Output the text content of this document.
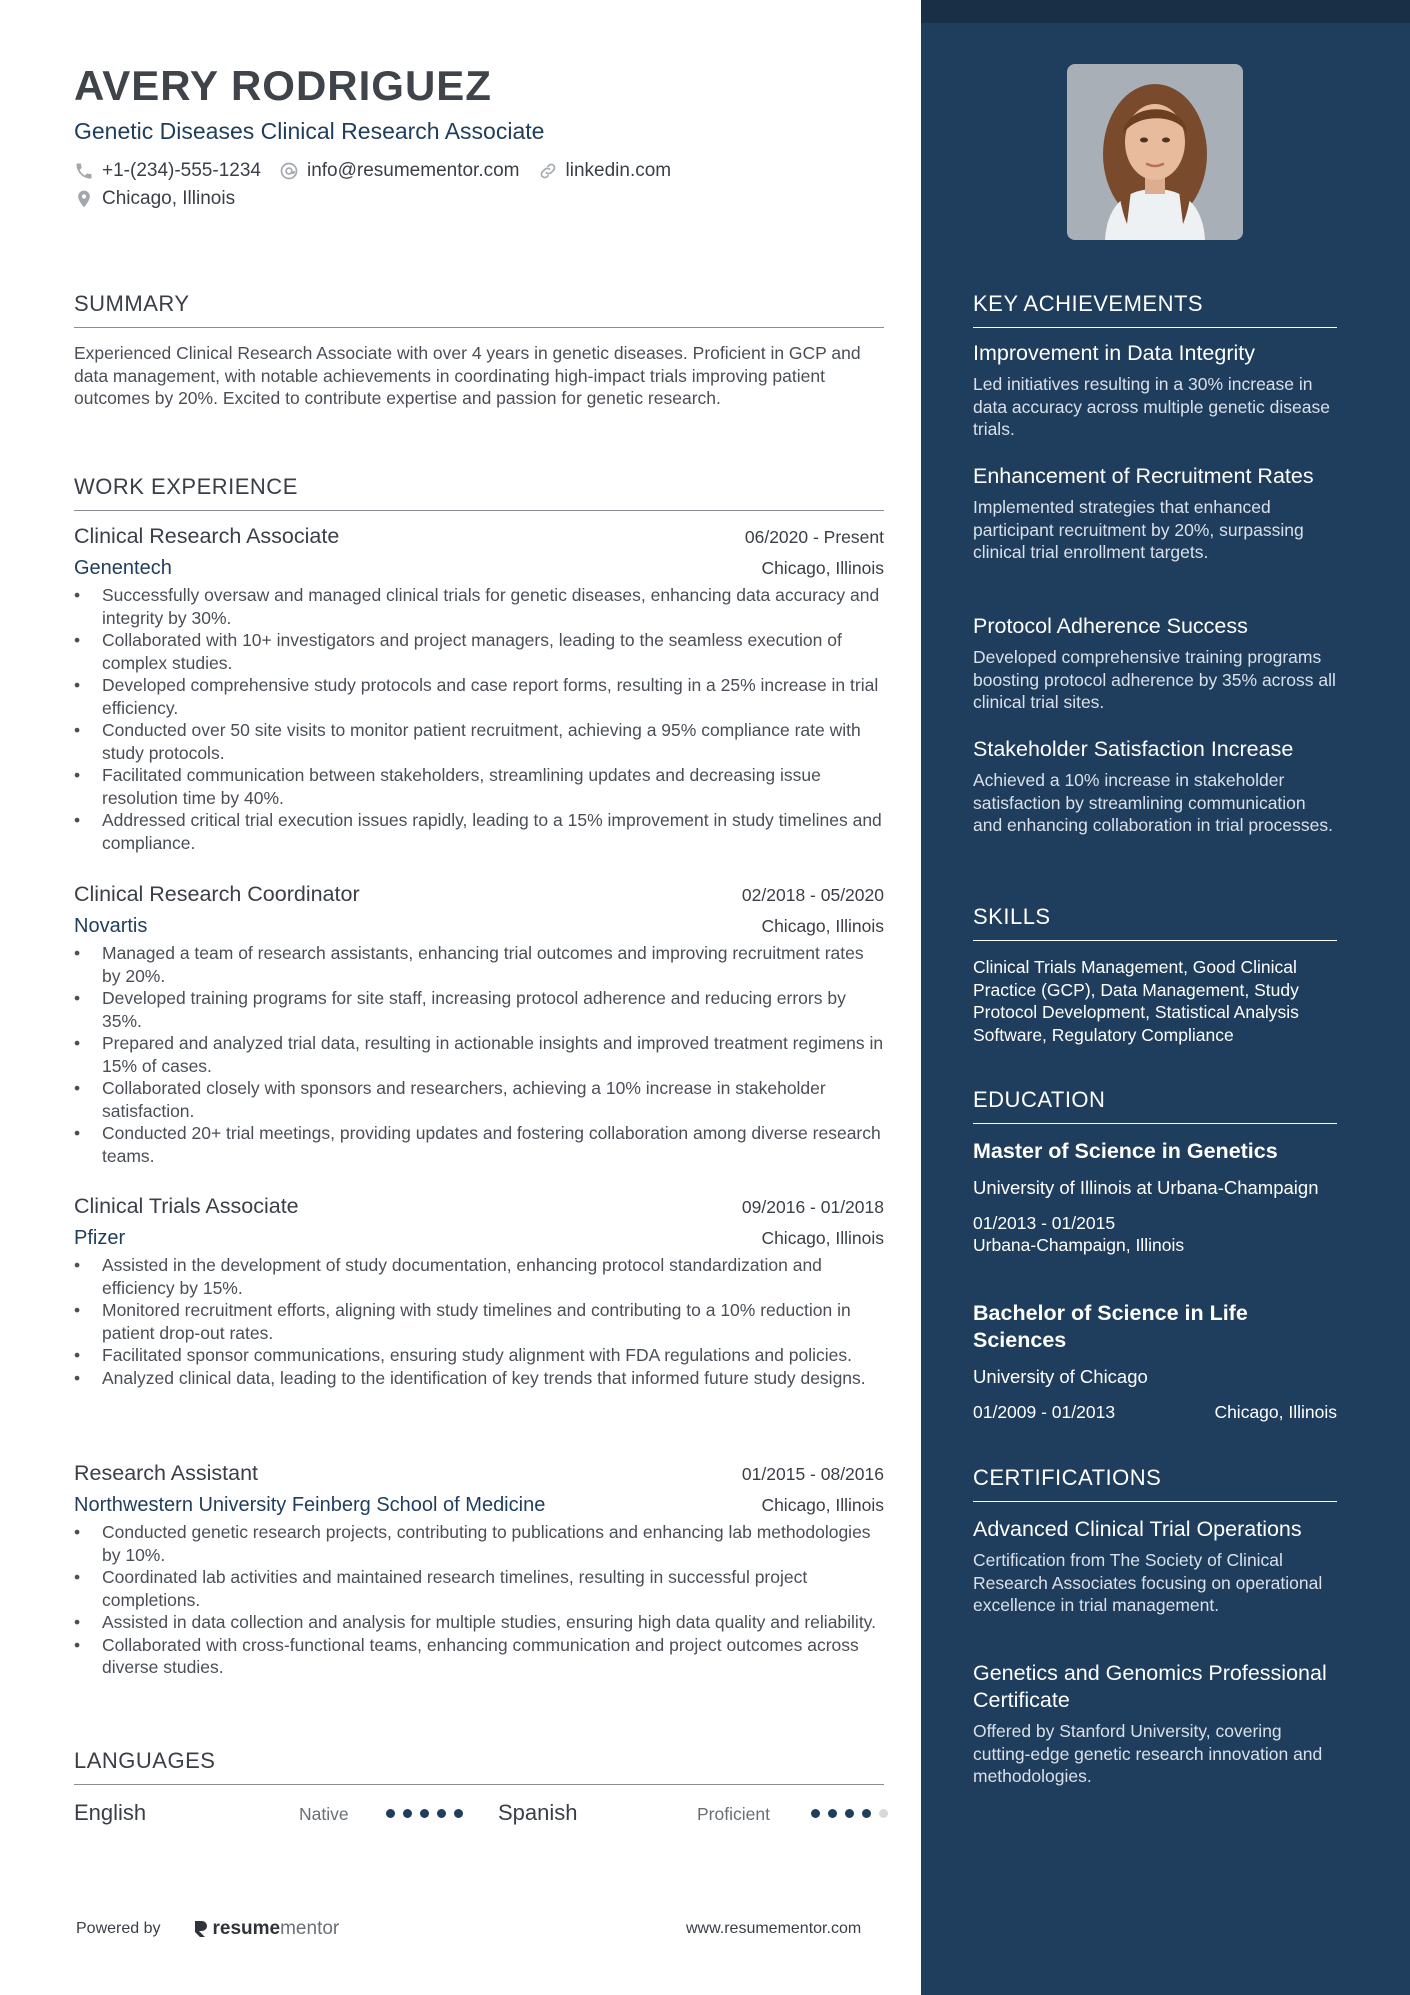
AVERY RODRIGUEZ
Genetic Diseases Clinical Research Associate
+1-(234)-555-1234 info@resumementor.com linkedin.com
Chicago, Illinois
SUMMARY
Experienced Clinical Research Associate with over 4 years in genetic diseases. Proficient in GCP and data management, with notable achievements in coordinating high-impact trials improving patient outcomes by 20%. Excited to contribute expertise and passion for genetic research.
WORK EXPERIENCE
Clinical Research Associate	06/2020 - Present
Genentech	Chicago, Illinois
• Successfully oversaw and managed clinical trials for genetic diseases, enhancing data accuracy and integrity by 30%.
• Collaborated with 10+ investigators and project managers, leading to the seamless execution of complex studies.
• Developed comprehensive study protocols and case report forms, resulting in a 25% increase in trial efficiency.
• Conducted over 50 site visits to monitor patient recruitment, achieving a 95% compliance rate with study protocols.
• Facilitated communication between stakeholders, streamlining updates and decreasing issue resolution time by 40%.
• Addressed critical trial execution issues rapidly, leading to a 15% improvement in study timelines and compliance.
Clinical Research Coordinator	02/2018 - 05/2020
Novartis	Chicago, Illinois
• Managed a team of research assistants, enhancing trial outcomes and improving recruitment rates by 20%.
• Developed training programs for site staff, increasing protocol adherence and reducing errors by 35%.
• Prepared and analyzed trial data, resulting in actionable insights and improved treatment regimens in 15% of cases.
• Collaborated closely with sponsors and researchers, achieving a 10% increase in stakeholder satisfaction.
• Conducted 20+ trial meetings, providing updates and fostering collaboration among diverse research teams.
Clinical Trials Associate	09/2016 - 01/2018
Pfizer	Chicago, Illinois
• Assisted in the development of study documentation, enhancing protocol standardization and efficiency by 15%.
• Monitored recruitment efforts, aligning with study timelines and contributing to a 10% reduction in patient drop-out rates.
• Facilitated sponsor communications, ensuring study alignment with FDA regulations and policies.
• Analyzed clinical data, leading to the identification of key trends that informed future study designs.
Research Assistant	01/2015 - 08/2016
Northwestern University Feinberg School of Medicine	Chicago, Illinois
• Conducted genetic research projects, contributing to publications and enhancing lab methodologies by 10%.
• Coordinated lab activities and maintained research timelines, resulting in successful project completions.
• Assisted in data collection and analysis for multiple studies, ensuring high data quality and reliability.
• Collaborated with cross-functional teams, enhancing communication and project outcomes across diverse studies.
LANGUAGES
English	Native	Spanish	Proficient
Powered by	resume mentor	www.resumementor.com
KEY ACHIEVEMENTS
Improvement in Data Integrity
Led initiatives resulting in a 30% increase in data accuracy across multiple genetic disease trials.
Enhancement of Recruitment Rates
Implemented strategies that enhanced participant recruitment by 20%, surpassing clinical trial enrollment targets.
Protocol Adherence Success
Developed comprehensive training programs boosting protocol adherence by 35% across all clinical trial sites.
Stakeholder Satisfaction Increase
Achieved a 10% increase in stakeholder satisfaction by streamlining communication and enhancing collaboration in trial processes.
SKILLS
Clinical Trials Management, Good Clinical Practice (GCP), Data Management, Study Protocol Development, Statistical Analysis Software, Regulatory Compliance
EDUCATION
Master of Science in Genetics
University of Illinois at Urbana-Champaign
01/2013 - 01/2015
Urbana-Champaign, Illinois
Bachelor of Science in Life Sciences
University of Chicago
01/2009 - 01/2013	Chicago, Illinois
CERTIFICATIONS
Advanced Clinical Trial Operations
Certification from The Society of Clinical Research Associates focusing on operational excellence in trial management.
Genetics and Genomics Professional Certificate
Offered by Stanford University, covering cutting-edge genetic research innovation and methodologies.
